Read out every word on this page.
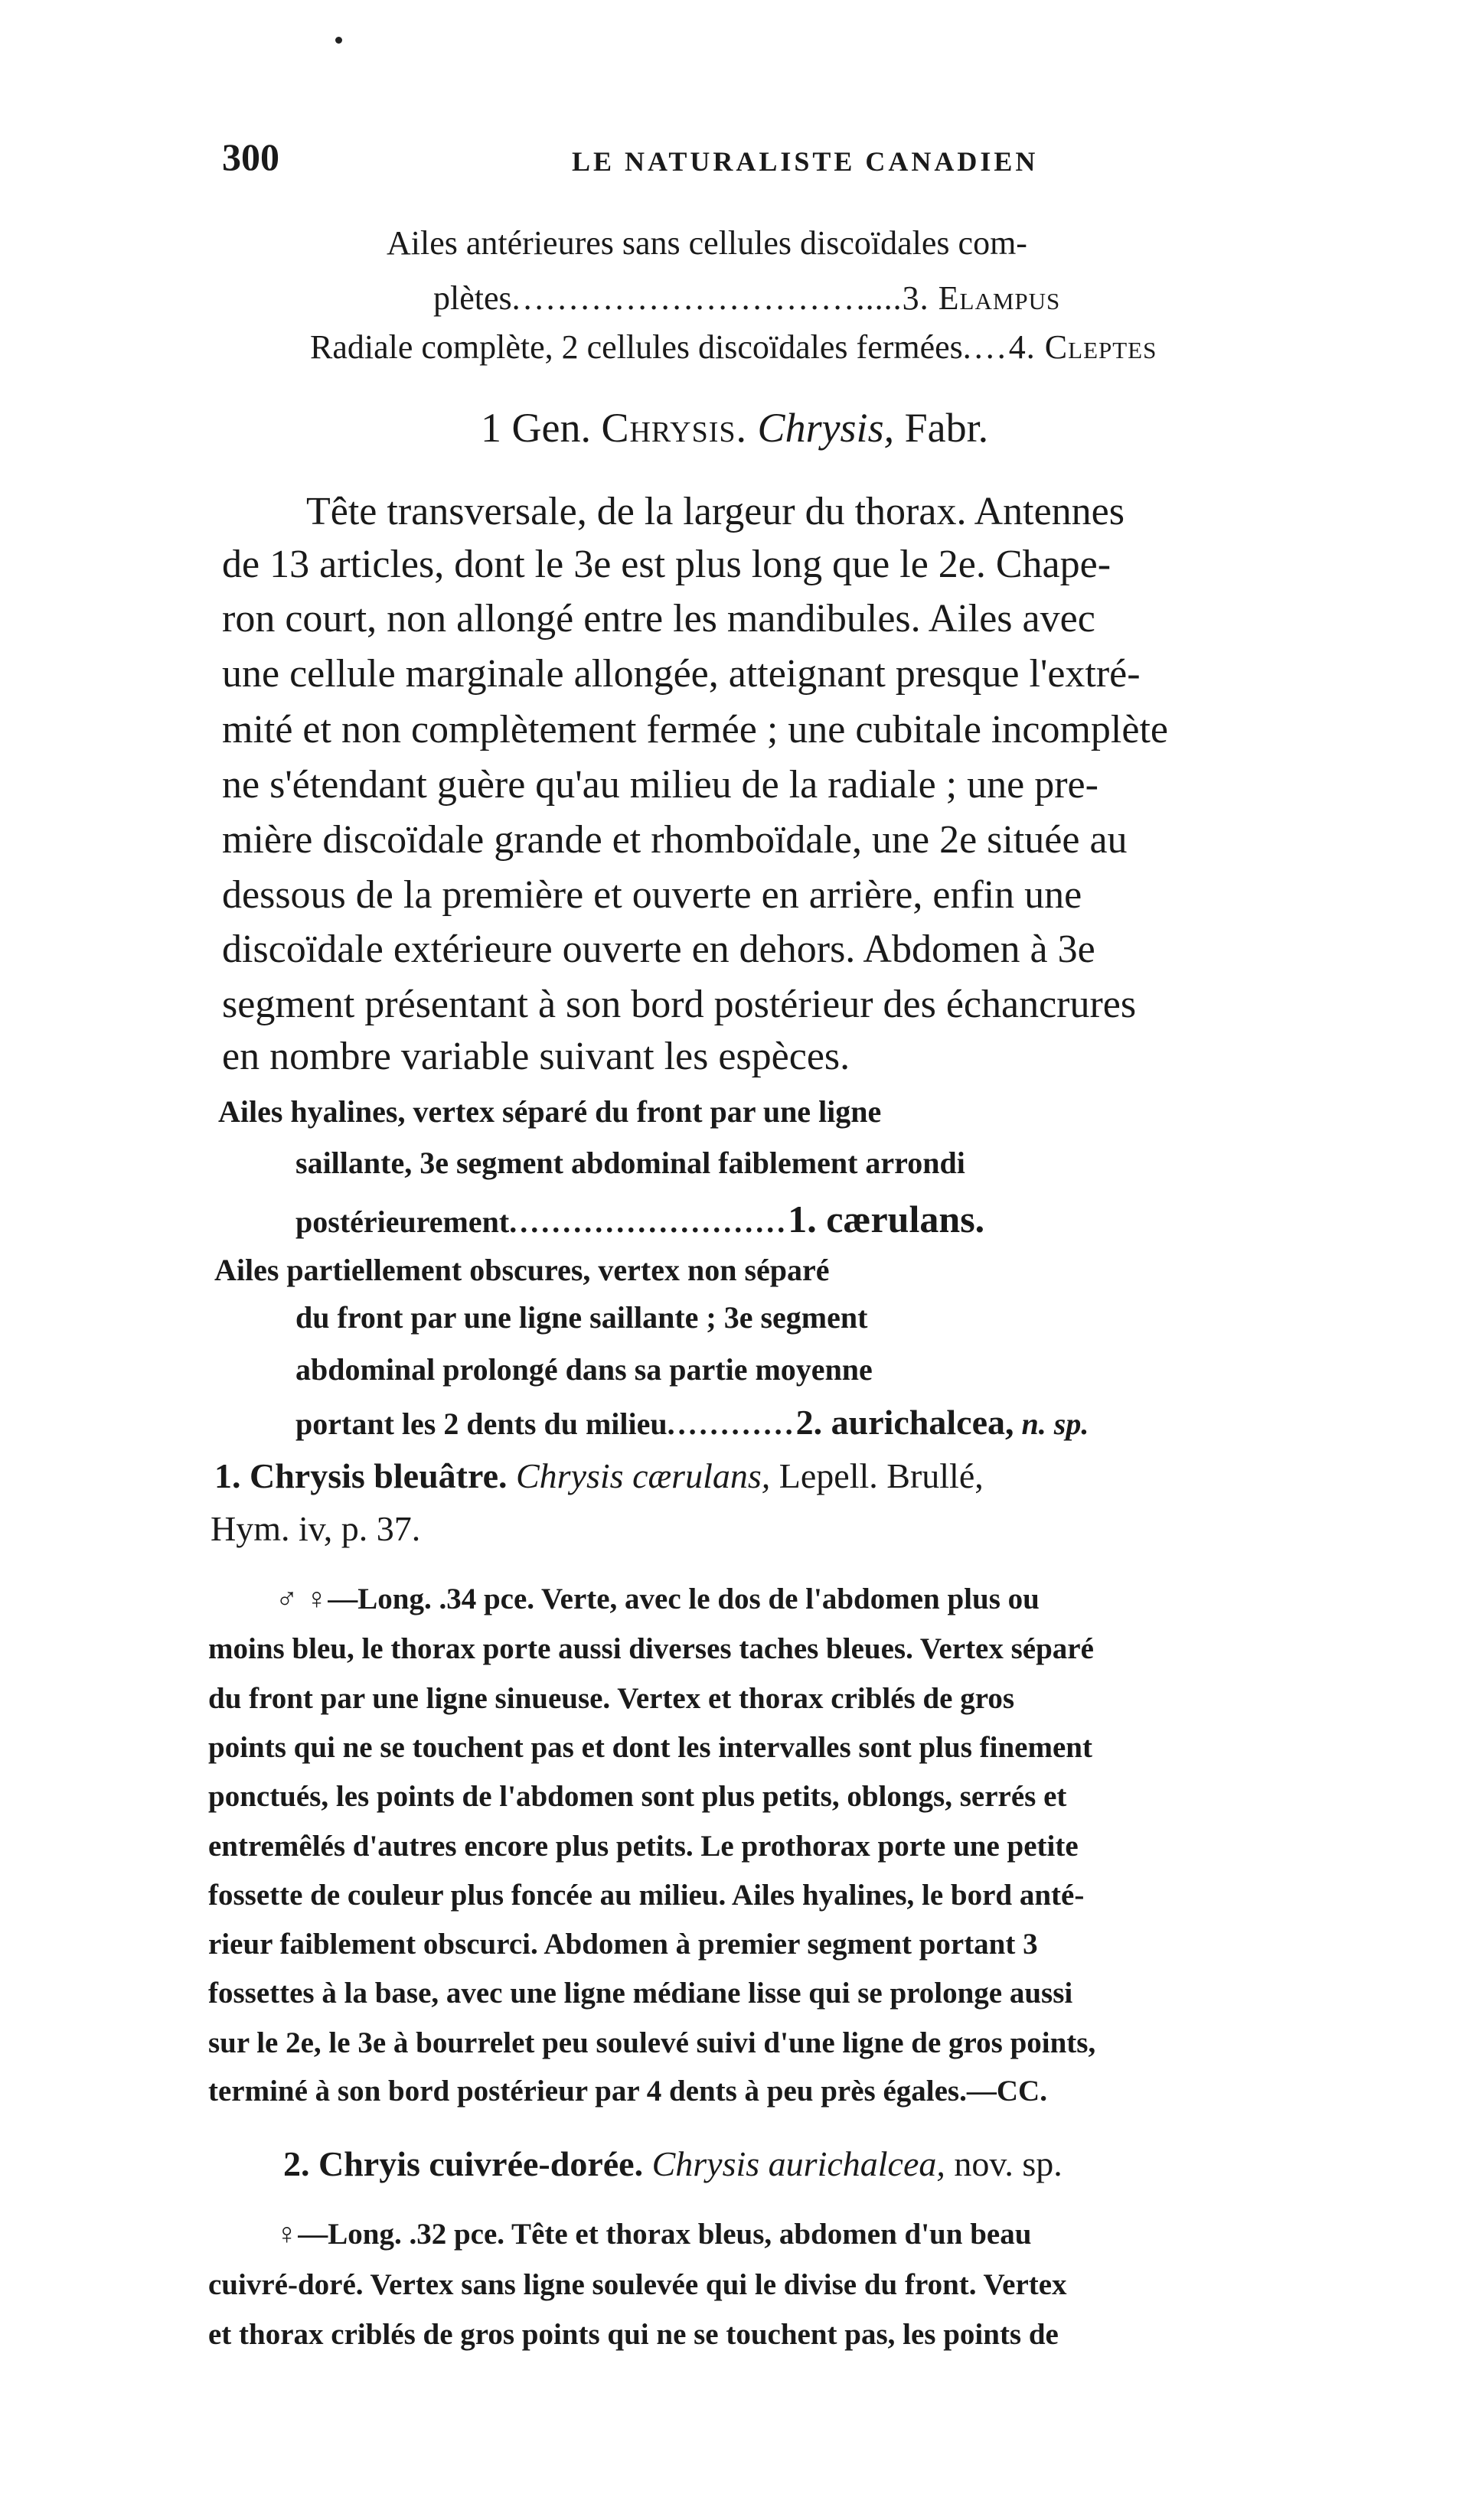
300	LE NATURALISTE CANADIEN
Ailes antérieures sans cellules discoïdales com-
plètes...................................3. Elampus
Radiale complète, 2 cellules discoïdales fermées....4. Cleptes
1 Gen. Chrysis. Chrysis, Fabr.
Tête transversale, de la largeur du thorax. Antennes
de 13 articles, dont le 3e est plus long que le 2e. Chape-
ron court, non allongé entre les mandibules. Ailes avec
une cellule marginale allongée, atteignant presque l'extré-
mité et non complètement fermée ; une cubitale incomplète
ne s'étendant guère qu'au milieu de la radiale ; une pre-
mière discoïdale grande et rhomboïdale, une 2e située au
dessous de la première et ouverte en arrière, enfin une
discoïdale extérieure ouverte en dehors. Abdomen à 3e
segment présentant à son bord postérieur des échancrures
en nombre variable suivant les espèces.
Ailes hyalines, vertex séparé du front par une ligne
saillante, 3e segment abdominal faiblement arrondi
postérieurement..........................1. cærulans.
Ailes partiellement obscures, vertex non séparé
du front par une ligne saillante ; 3e segment
abdominal prolongé dans sa partie moyenne
portant les 2 dents du milieu............2. aurichalcea, n. sp.
1. Chrysis bleuâtre. Chrysis cærulans, Lepell. Brullé,
Hym. iv, p. 37.
♂ ♀—Long. .34 pce. Verte, avec le dos de l'abdomen plus ou
moins bleu, le thorax porte aussi diverses taches bleues. Vertex séparé
du front par une ligne sinueuse. Vertex et thorax criblés de gros
points qui ne se touchent pas et dont les intervalles sont plus finement
ponctués, les points de l'abdomen sont plus petits, oblongs, serrés et
entremêlés d'autres encore plus petits. Le prothorax porte une petite
fossette de couleur plus foncée au milieu. Ailes hyalines, le bord anté-
rieur faiblement obscurci. Abdomen à premier segment portant 3
fossettes à la base, avec une ligne médiane lisse qui se prolonge aussi
sur le 2e, le 3e à bourrelet peu soulevé suivi d'une ligne de gros points,
terminé à son bord postérieur par 4 dents à peu près égales.—CC.
2. Chryis cuivrée-dorée. Chrysis aurichalcea, nov. sp.
♀—Long. .32 pce. Tête et thorax bleus, abdomen d'un beau
cuivré-doré. Vertex sans ligne soulevée qui le divise du front. Vertex
et thorax criblés de gros points qui ne se touchent pas, les points de
